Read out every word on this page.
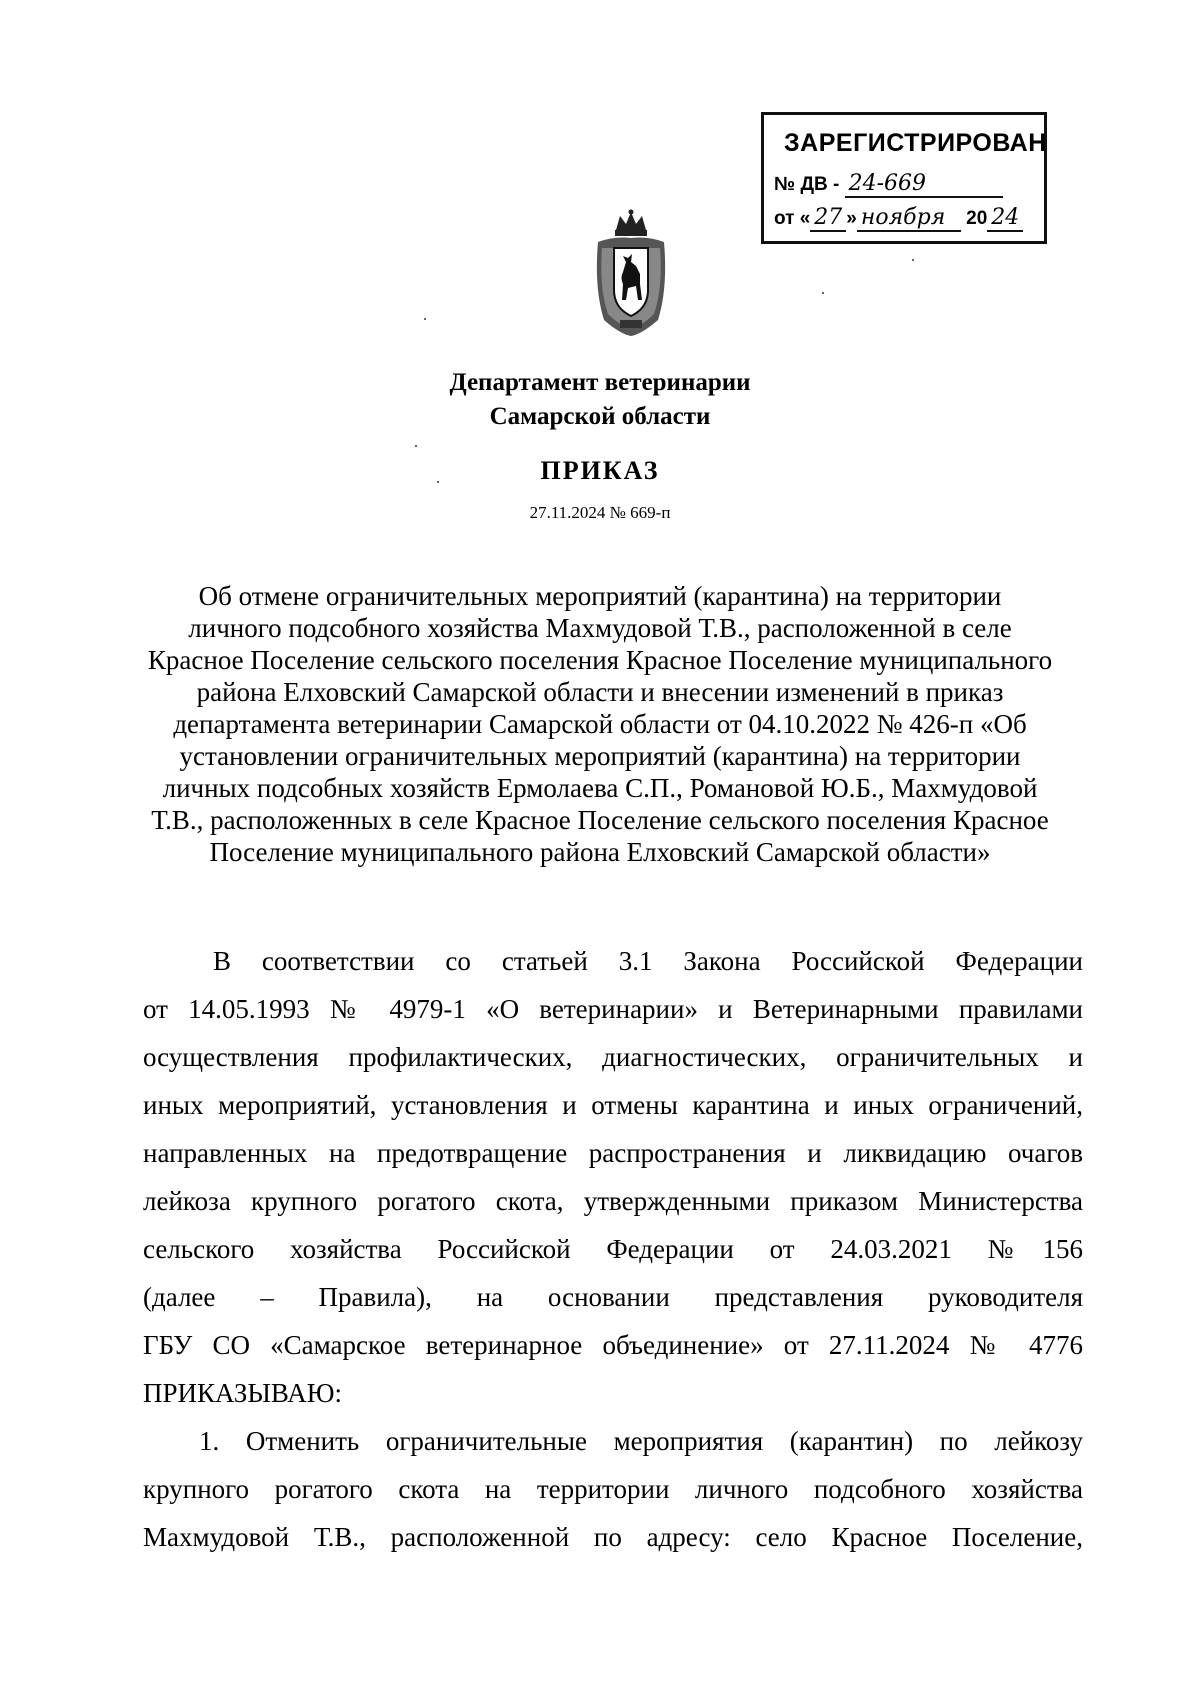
ЗАРЕГИСТРИРОВАН
№ ДВ - 24-669
от « 27 » ноября 20 24
Департамент ветеринарии
Самарской области
ПРИКАЗ
27.11.2024 № 669-п
Об отмене ограничительных мероприятий (карантина) на территории
личного подсобного хозяйства Махмудовой Т.В., расположенной в селе
Красное Поселение сельского поселения Красное Поселение муниципального
района Елховский Самарской области и внесении изменений в приказ
департамента ветеринарии Самарской области от 04.10.2022 № 426-п «Об
установлении ограничительных мероприятий (карантина) на территории
личных подсобных хозяйств Ермолаева С.П., Романовой Ю.Б., Махмудовой
Т.В., расположенных в селе Красное Поселение сельского поселения Красное
Поселение муниципального района Елховский Самарской области»

В соответствии со статьей 3.1 Закона Российской Федерации

от 14.05.1993 № 4979-1 «О ветеринарии» и Ветеринарными правилами

осуществления профилактических, диагностических, ограничительных и

иных мероприятий, установления и отмены карантина и иных ограничений,

направленных на предотвращение распространения и ликвидацию очагов

лейкоза крупного рогатого скота, утвержденными приказом Министерства

сельского хозяйства Российской Федерации от 24.03.2021 №156

(далее – Правила), на основании представления руководителя

ГБУ СО «Самарское ветеринарное объединение» от 27.11.2024 № 4776

ПРИКАЗЫВАЮ:

1. Отменить ограничительные мероприятия (карантин) по лейкозу

крупного рогатого скота на территории личного подсобного хозяйства

Махмудовой Т.В., расположенной по адресу: село Красное Поселение,
